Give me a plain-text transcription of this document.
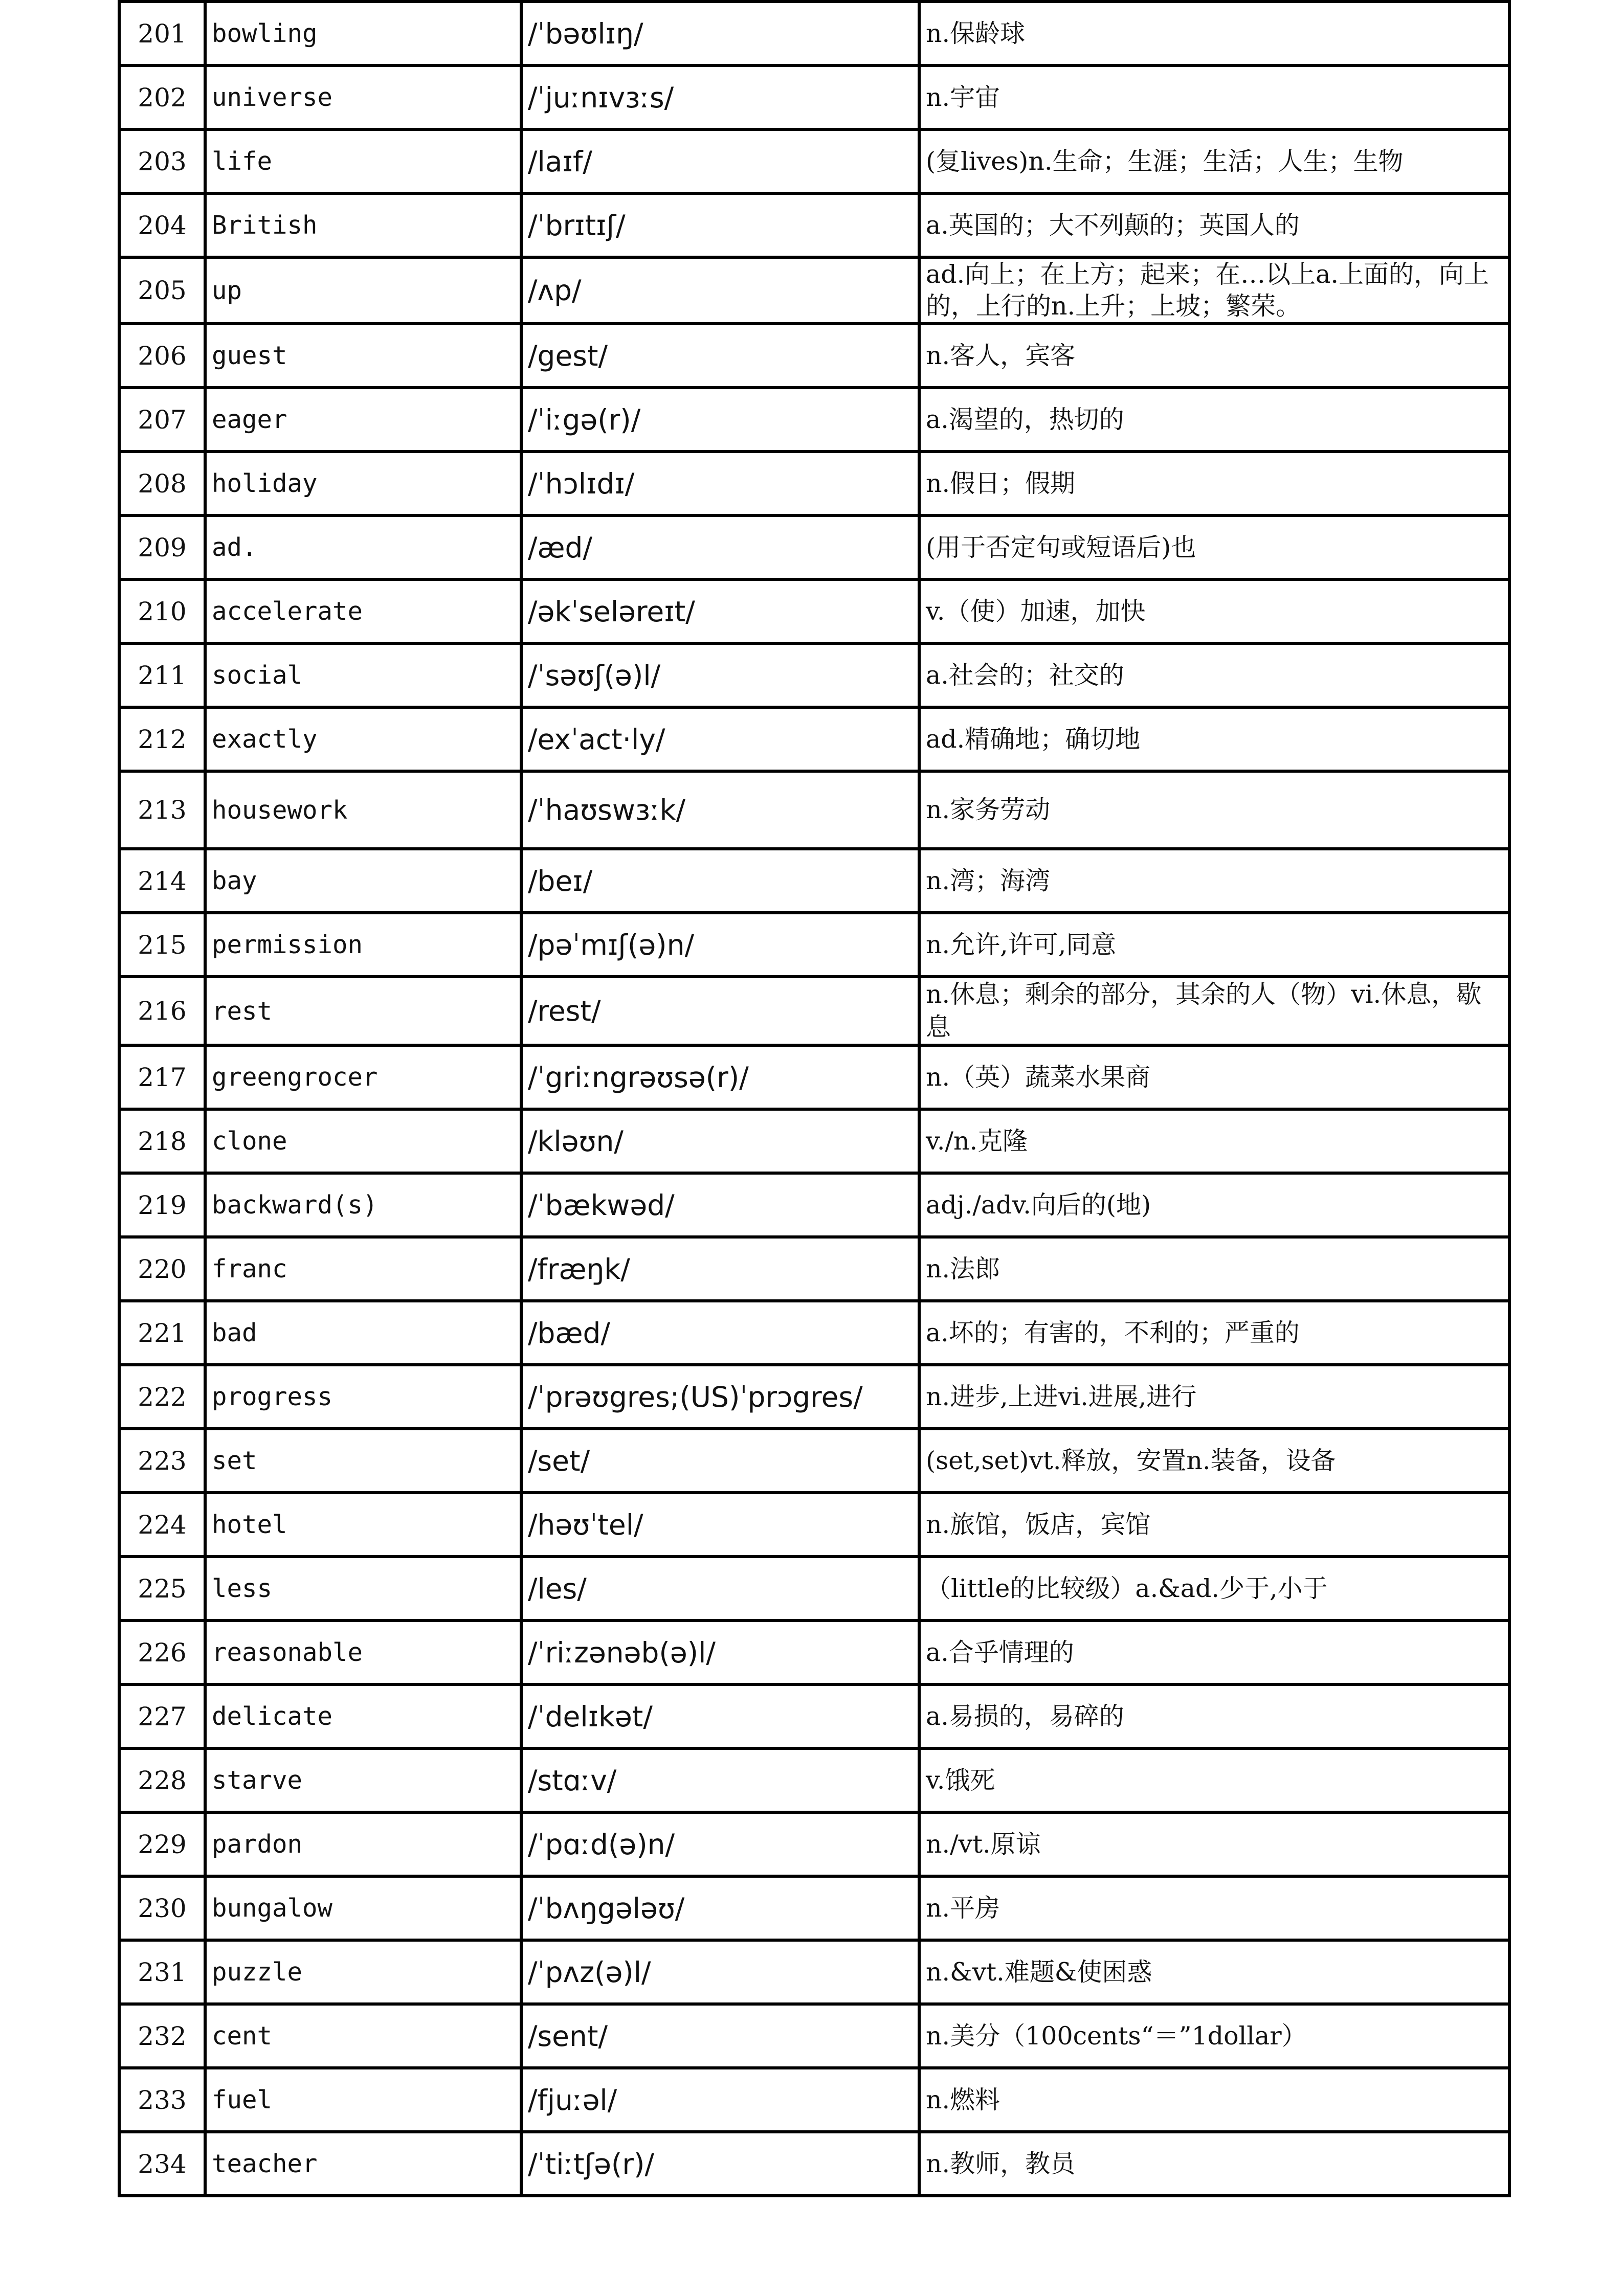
201	bowling	/ˈbəʊlɪŋ/	n.保龄球
202	universe	/ˈjuːnɪvɜːs/	n.宇宙
203	life	/laɪf/	(复lives)n.生命；生涯；生活；人生；生物
204	British	/ˈbrɪtɪʃ/	a.英国的；大不列颠的；英国人的
205	up	/ʌp/	ad.向上；在上方；起来；在…以上a.上面的，向上的，上行的n.上升；上坡；繁荣。
206	guest	/gest/	n.客人，宾客
207	eager	/ˈiːgə(r)/	a.渴望的，热切的
208	holiday	/ˈhɔlɪdɪ/	n.假日；假期
209	ad.	/æd/	(用于否定句或短语后)也
210	accelerate	/əkˈseləreɪt/	v.（使）加速，加快
211	social	/ˈsəʊʃ(ə)l/	a.社会的；社交的
212	exactly	/exˈact·ly/	ad.精确地；确切地
213	housework	/ˈhaʊswɜːk/	n.家务劳动
214	bay	/beɪ/	n.湾；海湾
215	permission	/pəˈmɪʃ(ə)n/	n.允许,许可,同意
216	rest	/rest/	n.休息；剩余的部分，其余的人（物）vi.休息，歇息
217	greengrocer	/ˈgriːngrəʊsə(r)/	n.（英）蔬菜水果商
218	clone	/kləʊn/	v./n.克隆
219	backward(s)	/ˈbækwəd/	adj./adv.向后的(地)
220	franc	/fræŋk/	n.法郎
221	bad	/bæd/	a.坏的；有害的，不利的；严重的
222	progress	/ˈprəʊgres;(US)ˈprɔgres/	n.进步,上进vi.进展,进行
223	set	/set/	(set,set)vt.释放，安置n.装备，设备
224	hotel	/həʊˈtel/	n.旅馆，饭店，宾馆
225	less	/les/	（little的比较级）a.&ad.少于,小于
226	reasonable	/ˈriːzənəb(ə)l/	a.合乎情理的
227	delicate	/ˈdelɪkət/	a.易损的，易碎的
228	starve	/stɑːv/	v.饿死
229	pardon	/ˈpɑːd(ə)n/	n./vt.原谅
230	bungalow	/ˈbʌŋgələʊ/	n.平房
231	puzzle	/ˈpʌz(ə)l/	n.&vt.难题&使困惑
232	cent	/sent/	n.美分（100cents“＝”1dollar）
233	fuel	/fjuːəl/	n.燃料
234	teacher	/ˈtiːtʃə(r)/	n.教师，教员
